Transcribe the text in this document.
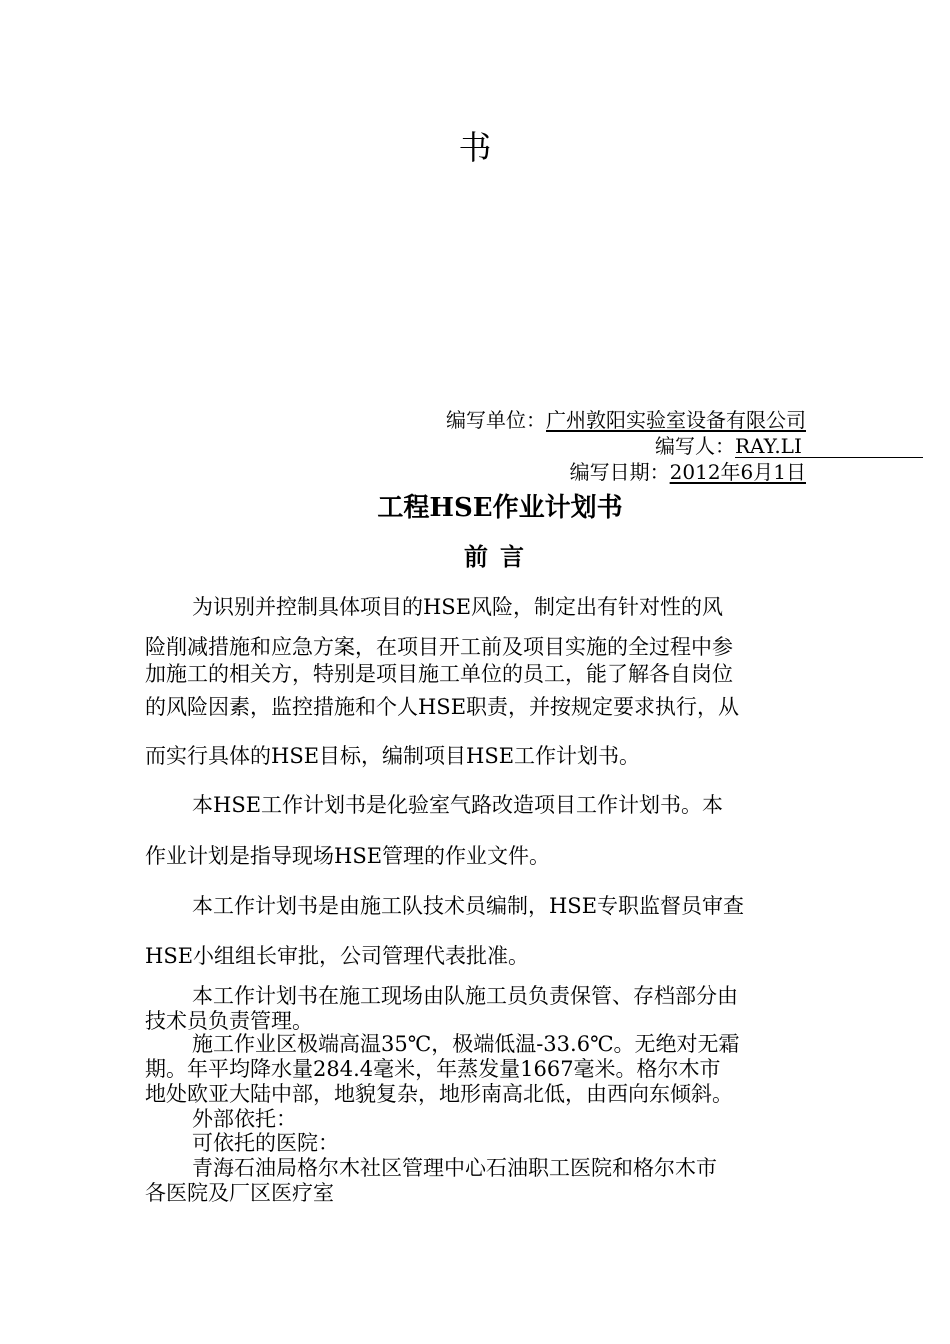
书
编写单位：广州敦阳实验室设备有限公司
编写人：RAY.LI
编写日期：2012年6月1日
工程HSE作业计划书
前言
为识别并控制具体项目的HSE风险，制定出有针对性的风
险削减措施和应急方案，在项目开工前及项目实施的全过程中参
加施工的相关方，特别是项目施工单位的员工，能了解各自岗位
的风险因素，监控措施和个人HSE职责，并按规定要求执行，从
而实行具体的HSE目标，编制项目HSE工作计划书。
本HSE工作计划书是化验室气路改造项目工作计划书。本
作业计划是指导现场HSE管理的作业文件。
本工作计划书是由施工队技术员编制，HSE专职监督员审查
HSE小组组长审批，公司管理代表批准。
本工作计划书在施工现场由队施工员负责保管、存档部分由
技术员负责管理。
施工作业区极端高温35℃，极端低温-33.6℃。无绝对无霜
期。年平均降水量284.4毫米，年蒸发量1667毫米。格尔木市
地处欧亚大陆中部，地貌复杂，地形南高北低，由西向东倾斜。
外部依托：
可依托的医院：
青海石油局格尔木社区管理中心石油职工医院和格尔木市
各医院及厂区医疗室
